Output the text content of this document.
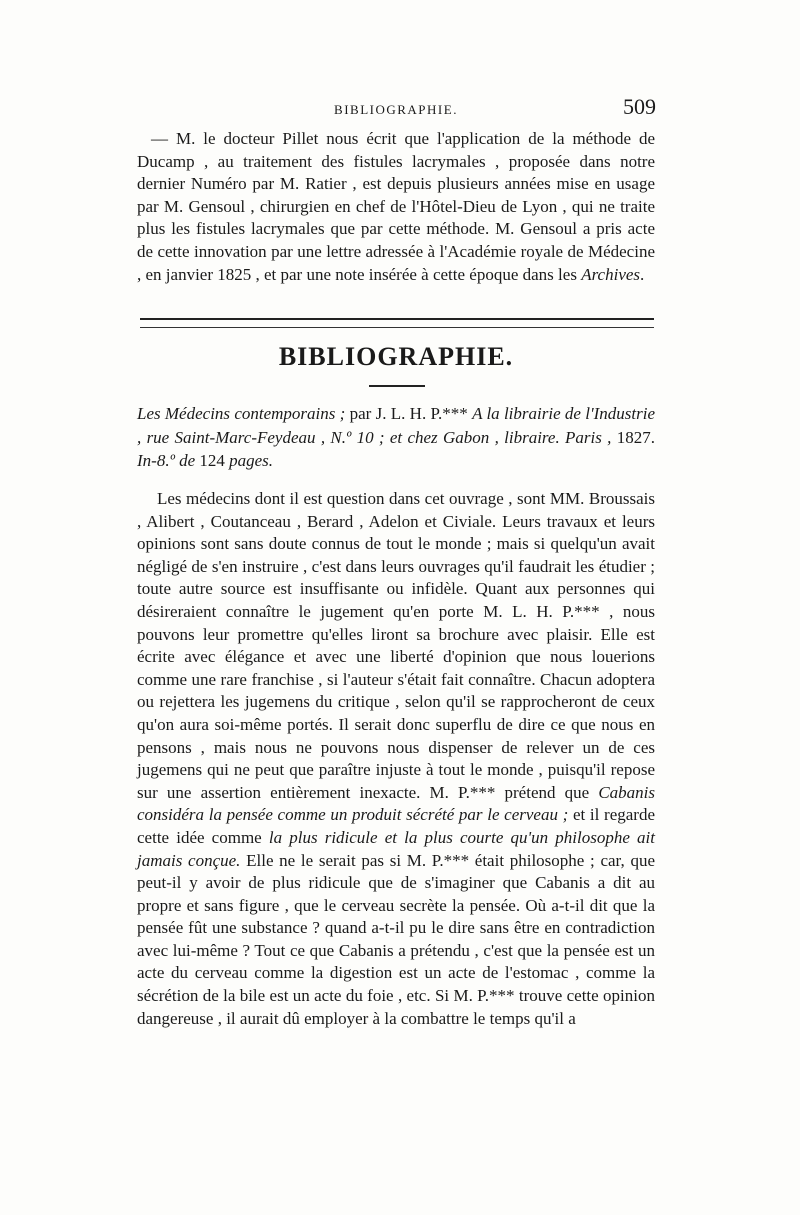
BIBLIOGRAPHIE.	509

— M. le docteur Pillet nous écrit que l'application de la méthode de Ducamp , au traitement des fistules lacrymales , proposée dans notre dernier Numéro par M. Ratier , est depuis plusieurs années mise en usage par M. Gensoul , chirurgien en chef de l'Hôtel-Dieu de Lyon , qui ne traite plus les fistules lacrymales que par cette méthode. M. Gensoul a pris acte de cette innovation par une lettre adressée à l'Académie royale de Médecine , en janvier 1825 , et par une note insérée à cette époque dans les Archives.

BIBLIOGRAPHIE.

Les Médecins contemporains ; par J. L. H. P.*** A la librairie de l'Industrie , rue Saint-Marc-Feydeau , N.º 10 ; et chez Gabon , libraire. Paris , 1827. In-8.º de 124 pages.

Les médecins dont il est question dans cet ouvrage , sont MM. Broussais , Alibert , Coutanceau , Berard , Adelon et Civiale. Leurs travaux et leurs opinions sont sans doute connus de tout le monde ; mais si quelqu'un avait négligé de s'en instruire , c'est dans leurs ouvrages qu'il faudrait les étudier ; toute autre source est insuffisante ou infidèle. Quant aux personnes qui désireraient connaître le jugement qu'en porte M. L. H. P.*** , nous pouvons leur promettre qu'elles liront sa brochure avec plaisir. Elle est écrite avec élégance et avec une liberté d'opinion que nous louerions comme une rare franchise , si l'auteur s'était fait connaître. Chacun adoptera ou rejettera les jugemens du critique , selon qu'il se rapprocheront de ceux qu'on aura soi-même portés. Il serait donc superflu de dire ce que nous en pensons , mais nous ne pouvons nous dispenser de relever un de ces jugemens qui ne peut que paraître injuste à tout le monde , puisqu'il repose sur une assertion entièrement inexacte. M. P.*** prétend que Cabanis considéra la pensée comme un produit sécrété par le cerveau ; et il regarde cette idée comme la plus ridicule et la plus courte qu'un philosophe ait jamais conçue. Elle ne le serait pas si M. P.*** était philosophe ; car, que peut-il y avoir de plus ridicule que de s'imaginer que Cabanis a dit au propre et sans figure , que le cerveau secrète la pensée. Où a-t-il dit que la pensée fût une substance ? quand a-t-il pu le dire sans être en contradiction avec lui-même ? Tout ce que Cabanis a prétendu , c'est que la pensée est un acte du cerveau comme la digestion est un acte de l'estomac , comme la sécrétion de la bile est un acte du foie , etc. Si M. P.*** trouve cette opinion dangereuse , il aurait dû employer à la combattre le temps qu'il a
